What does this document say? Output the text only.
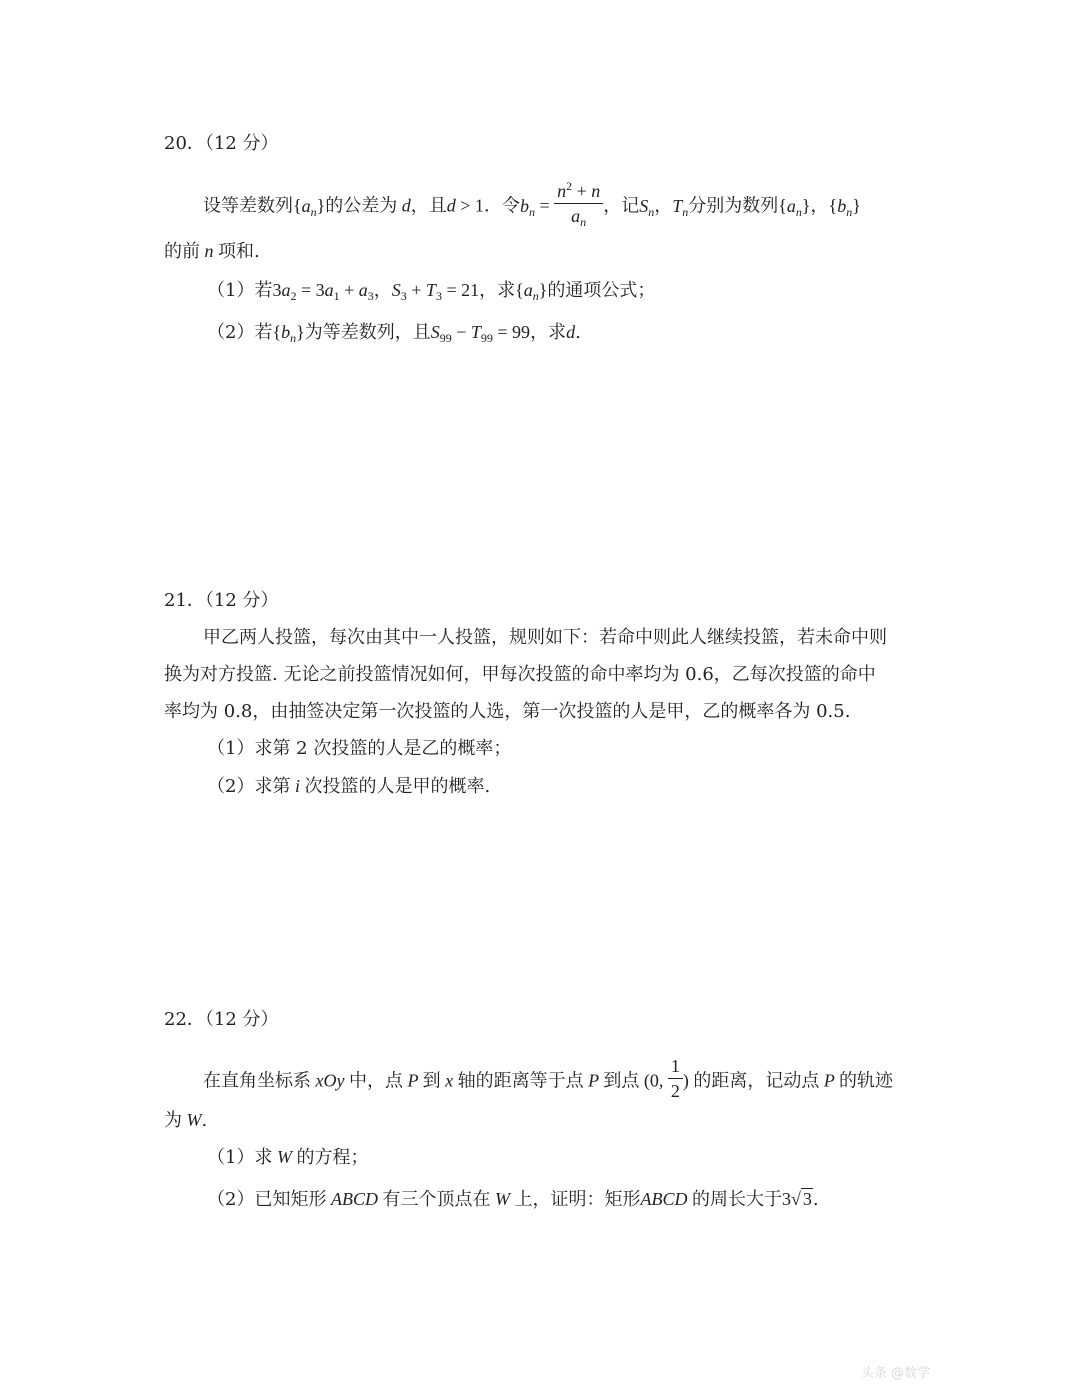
20．（12 分）
设等差数列$\{a_n\}$的公差为 d，且d > 1．令$b_n = \frac{n^2 + n}{a_n}$ ，记$S_n$，$T_n$分别为数列$\{a_n\}$，$\{b_n\}$
的前 n 项和.
（1）若$3a_2 = 3a_1 + a_3$，$S_3 + T_3 = 21$，求$\{a_n\}$的通项公式；
（2）若$\{b_n\}$为等差数列，且$S_{99} - T_{99} = 99$，求d.
21．（12 分）
甲乙两人投篮，每次由其中一人投篮，规则如下：若命中则此人继续投篮，若未命中则
换为对方投篮. 无论之前投篮情况如何，甲每次投篮的命中率均为 0.6，乙每次投篮的命中
率均为 0.8，由抽签决定第一次投篮的人选，第一次投篮的人是甲，乙的概率各为 0.5.
（1）求第 2 次投篮的人是乙的概率；
（2）求第 i 次投篮的人是甲的概率.
22．（12 分）
在直角坐标系 xOy 中，点 P 到 x 轴的距离等于点 P 到点 (0, $\frac{1}{2}$ ) 的距离，记动点 P 的轨迹
为 W.
（1）求 W 的方程；
（2）已知矩形 ABCD 有三个顶点在 W 上，证明：矩形ABCD 的周长大于3√ 3.
头条 @数学
